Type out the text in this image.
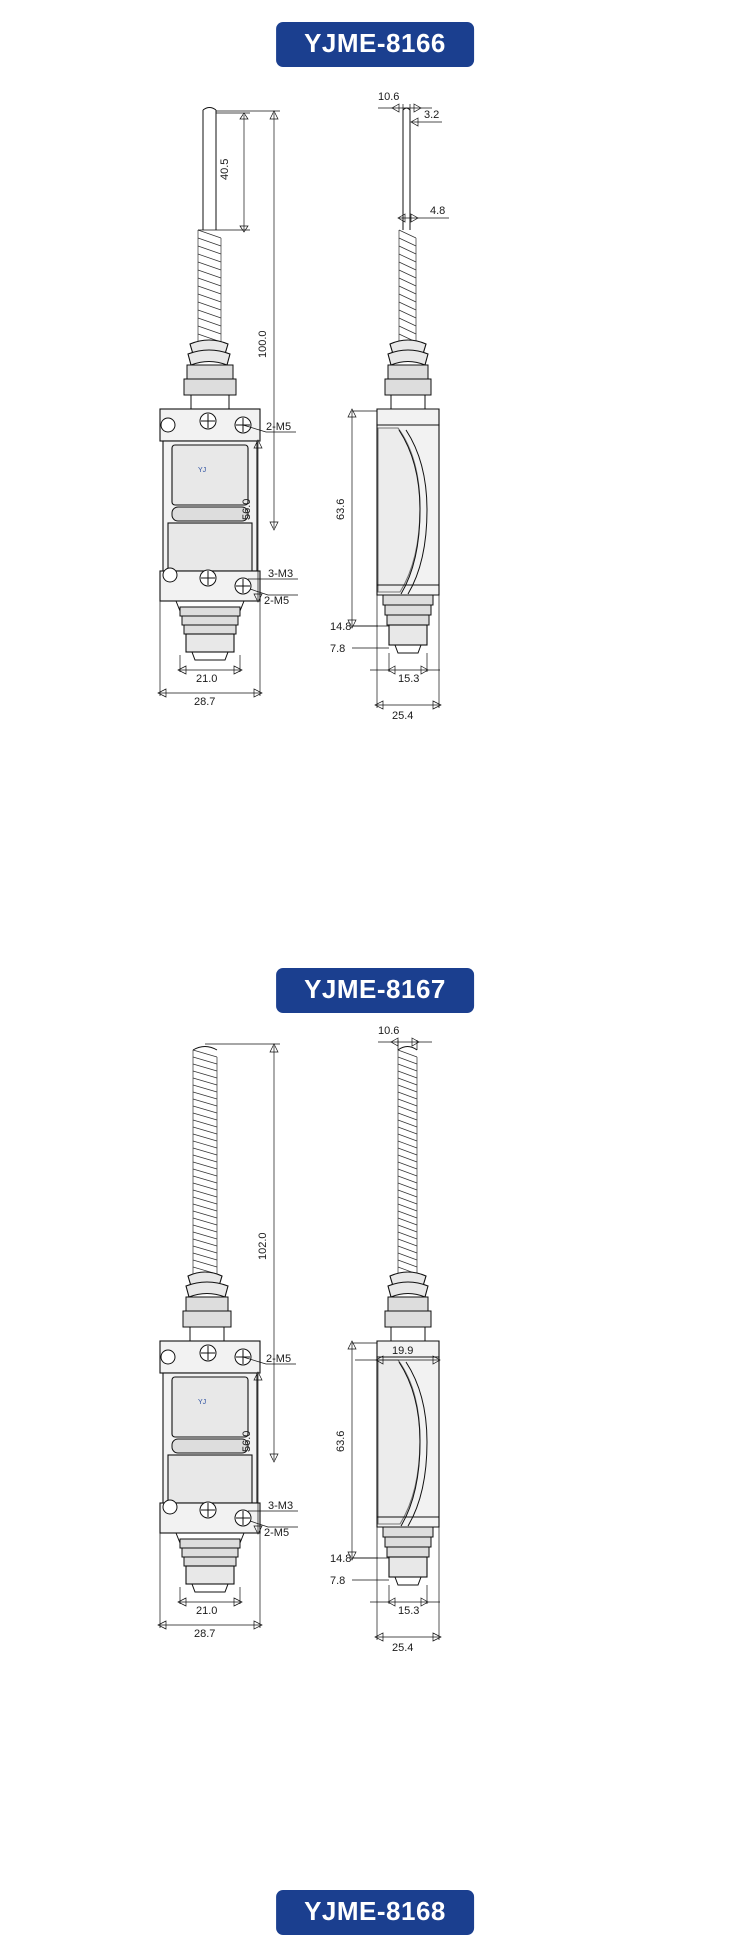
YJME-8166
YJ
40.5
100.0
56.0
2-M5
3-M3
2-M5
21.0
28.7
10.6
3.2
4.8
63.6
14.8
7.8
15.3
25.4
YJME-8167
YJ
102.0
56.0
2-M5
3-M3
2-M5
21.0
28.7
10.6
19.9
63.6
14.8
7.8
15.3
25.4
YJME-8168
